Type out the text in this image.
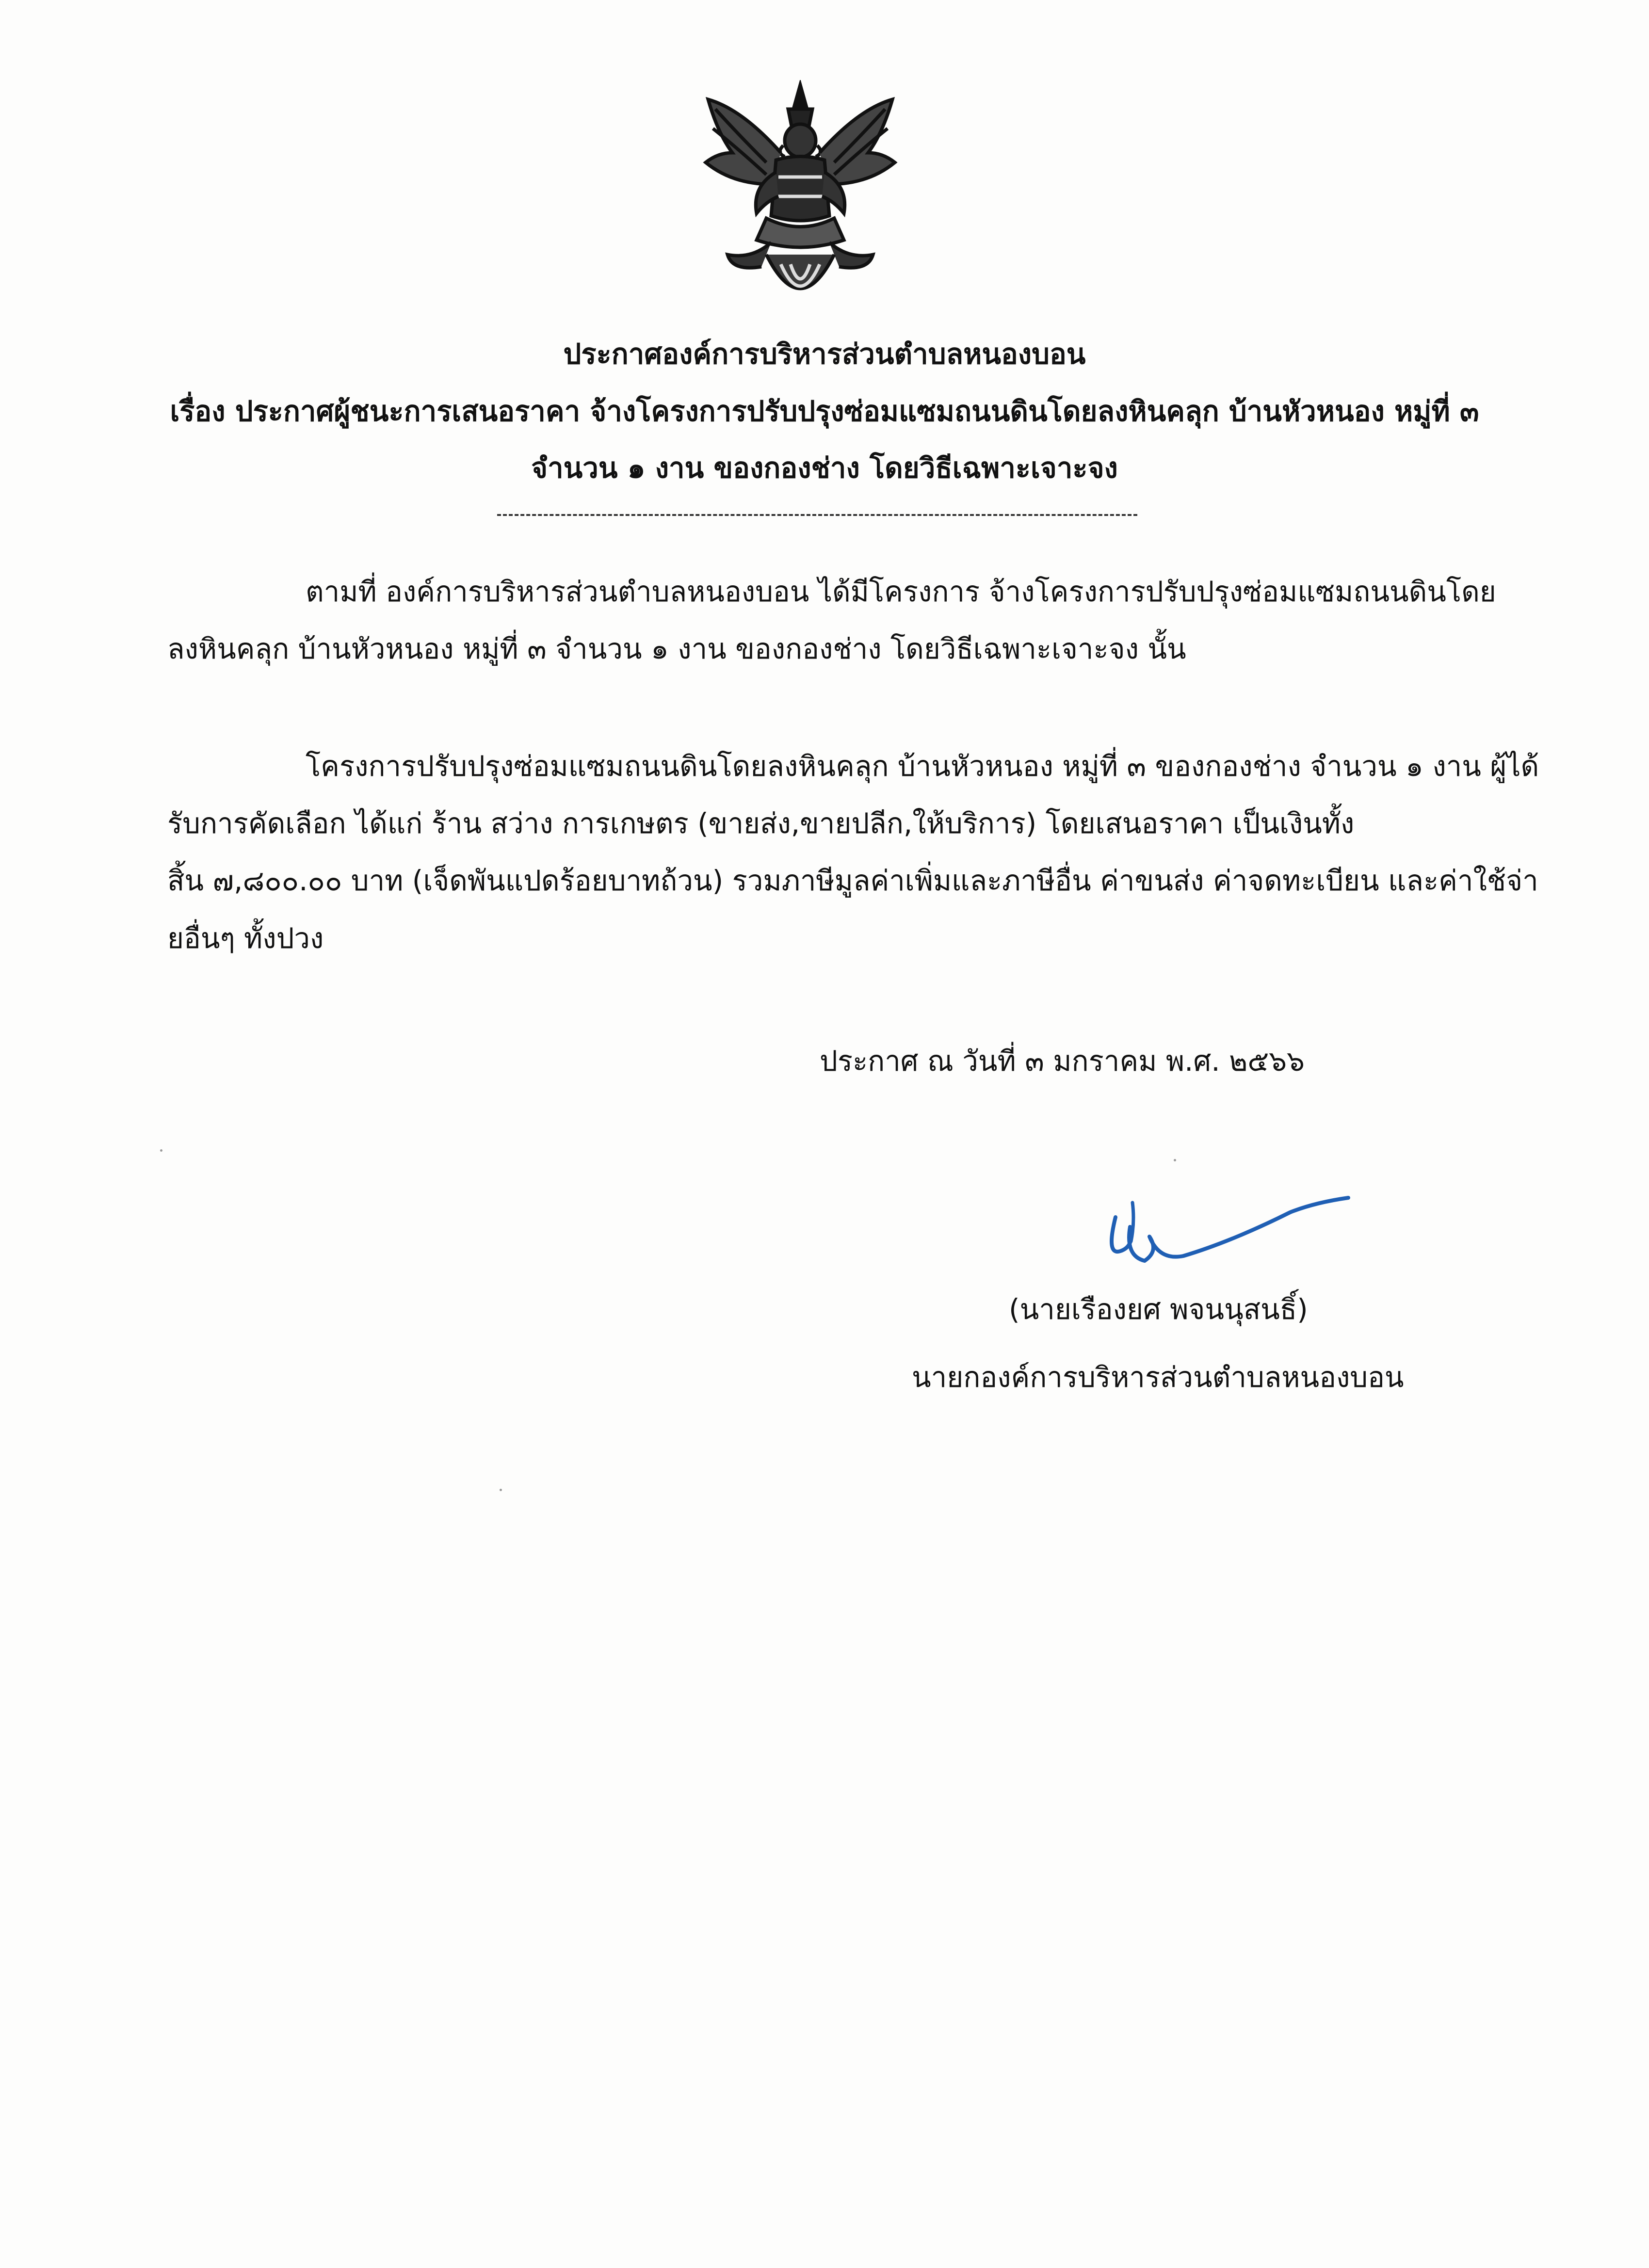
ประกาศองค์การบริหารส่วนตำบลหนองบอน
เรื่อง ประกาศผู้ชนะการเสนอราคา จ้างโครงการปรับปรุงซ่อมแซมถนนดินโดยลงหินคลุก บ้านหัวหนอง หมู่ที่ ๓
จำนวน ๑ งาน ของกองช่าง โดยวิธีเฉพาะเจาะจง
ตามที่ องค์การบริหารส่วนตำบลหนองบอน ได้มีโครงการ จ้างโครงการปรับปรุงซ่อมแซมถนนดินโดย
ลงหินคลุก บ้านหัวหนอง หมู่ที่ ๓ จำนวน ๑ งาน ของกองช่าง โดยวิธีเฉพาะเจาะจง นั้น
โครงการปรับปรุงซ่อมแซมถนนดินโดยลงหินคลุก บ้านหัวหนอง หมู่ที่ ๓ ของกองช่าง จำนวน ๑ งาน ผู้ได้
รับการคัดเลือก ได้แก่ ร้าน สว่าง การเกษตร (ขายส่ง,ขายปลีก,ให้บริการ) โดยเสนอราคา เป็นเงินทั้ง
สิ้น ๗,๘๐๐.๐๐ บาท (เจ็ดพันแปดร้อยบาทถ้วน) รวมภาษีมูลค่าเพิ่มและภาษีอื่น ค่าขนส่ง ค่าจดทะเบียน และค่าใช้จ่า
ยอื่นๆ ทั้งปวง
ประกาศ ณ วันที่ ๓ มกราคม พ.ศ. ๒๕๖๖
(นายเรืองยศ พจนนุสนธิ์)
นายกองค์การบริหารส่วนตำบลหนองบอน
